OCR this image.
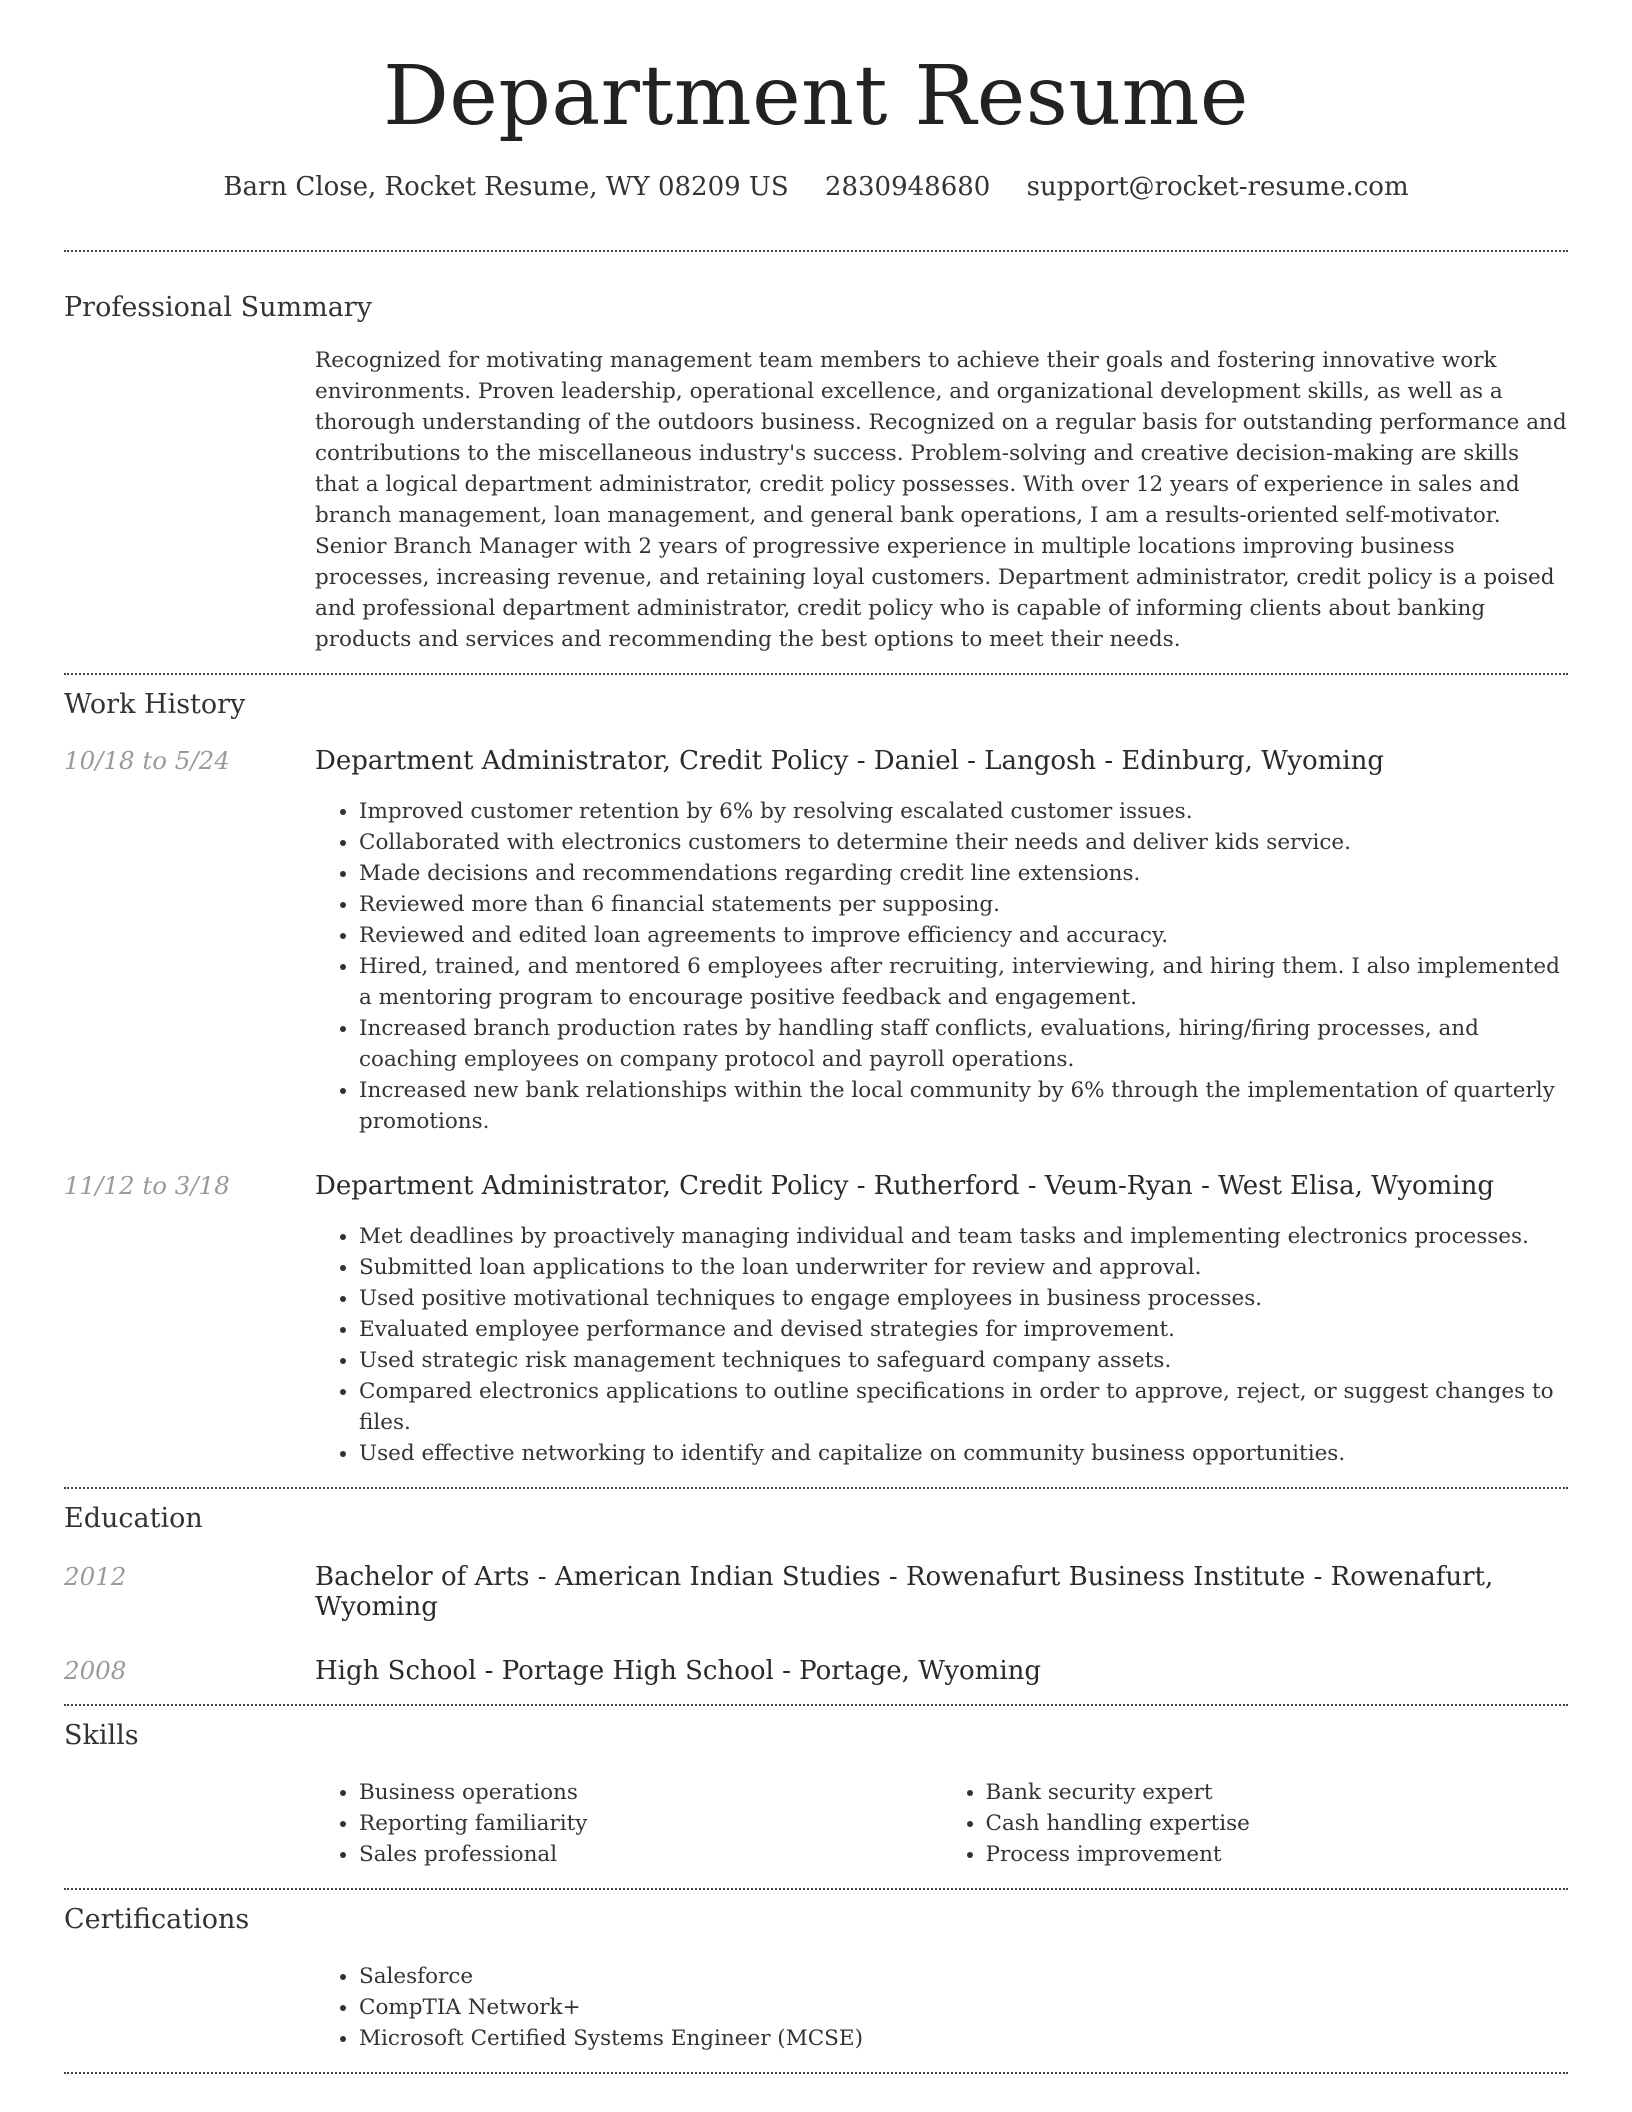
Department Resume
Barn Close, Rocket Resume, WY 08209 US 2830948680 support@rocket-resume.com
Professional Summary

Recognized for motivating management team members to achieve their goals and fostering innovative work environments. Proven leadership, operational excellence, and organizational development skills, as well as a thorough understanding of the outdoors business. Recognized on a regular basis for outstanding performance and contributions to the miscellaneous industry's success. Problem-solving and creative decision-making are skills that a logical department administrator, credit policy possesses. With over 12 years of experience in sales and branch management, loan management, and general bank operations, I am a results-oriented self-motivator. Senior Branch Manager with 2 years of progressive experience in multiple locations improving business processes, increasing revenue, and retaining loyal customers. Department administrator, credit policy is a poised and professional department administrator, credit policy who is capable of informing clients about banking products and services and recommending the best options to meet their needs.

Work History
10/18 to 5/24	Department Administrator, Credit Policy - Daniel - Langosh - Edinburg, Wyoming
• Improved customer retention by 6% by resolving escalated customer issues.
• Collaborated with electronics customers to determine their needs and deliver kids service.
• Made decisions and recommendations regarding credit line extensions.
• Reviewed more than 6 financial statements per supposing.
• Reviewed and edited loan agreements to improve efficiency and accuracy.
• Hired, trained, and mentored 6 employees after recruiting, interviewing, and hiring them. I also implemented a mentoring program to encourage positive feedback and engagement.
• Increased branch production rates by handling staff conflicts, evaluations, hiring/firing processes, and coaching employees on company protocol and payroll operations.
• Increased new bank relationships within the local community by 6% through the implementation of quarterly promotions.
11/12 to 3/18	Department Administrator, Credit Policy - Rutherford - Veum-Ryan - West Elisa, Wyoming
• Met deadlines by proactively managing individual and team tasks and implementing electronics processes.
• Submitted loan applications to the loan underwriter for review and approval.
• Used positive motivational techniques to engage employees in business processes.
• Evaluated employee performance and devised strategies for improvement.
• Used strategic risk management techniques to safeguard company assets.
• Compared electronics applications to outline specifications in order to approve, reject, or suggest changes to files.
• Used effective networking to identify and capitalize on community business opportunities.
Education
2012	Bachelor of Arts - American Indian Studies - Rowenafurt Business Institute - Rowenafurt, Wyoming
2008	High School - Portage High School - Portage, Wyoming
Skills
• Business operations
• Reporting familiarity
• Sales professional
• Bank security expert
• Cash handling expertise
• Process improvement
Certifications
• Salesforce
• CompTIA Network+
• Microsoft Certified Systems Engineer (MCSE)
